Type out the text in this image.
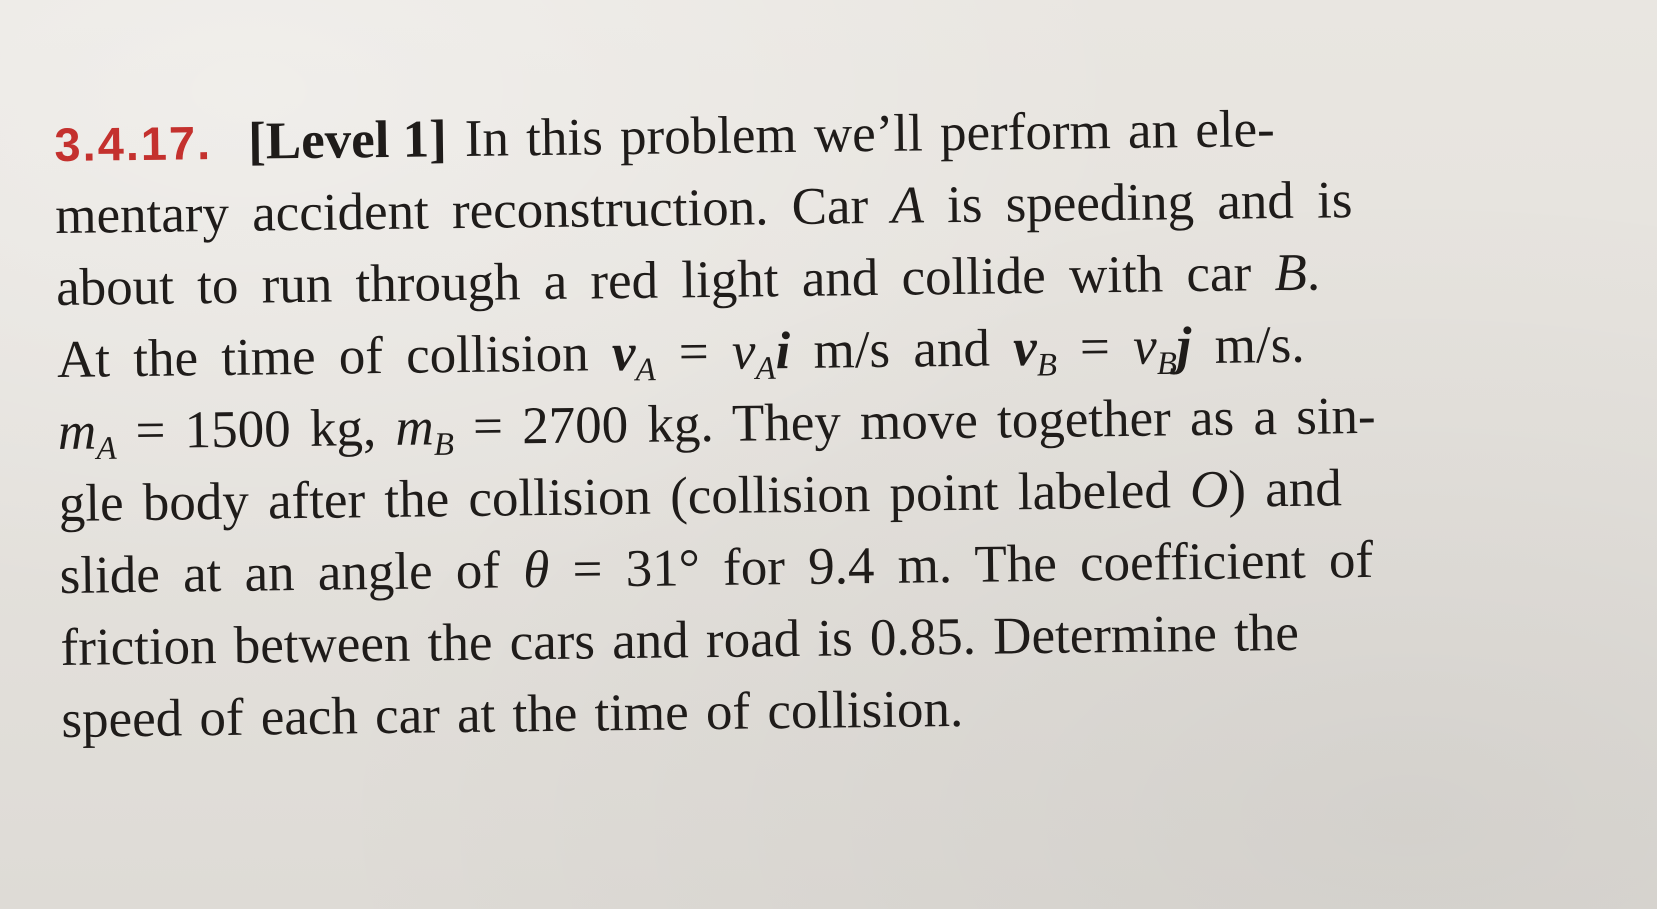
3.4.17. [Level 1] In this problem we’ll perform an ele-
mentary accident reconstruction. Car A is speeding and is
about to run through a red light and collide with car B.
At the time of collision $v_A = v_Ai$ m/s and $v_B = v_Bj$ m/s.
$m_A = 1500$ kg, $m_B = 2700$ kg. They move together as a sin-
gle body after the collision (collision point labeled O) and
slide at an angle of θ = 31° for 9.4 m. The coefficient of
friction between the cars and road is 0.85. Determine the
speed of each car at the time of collision.
